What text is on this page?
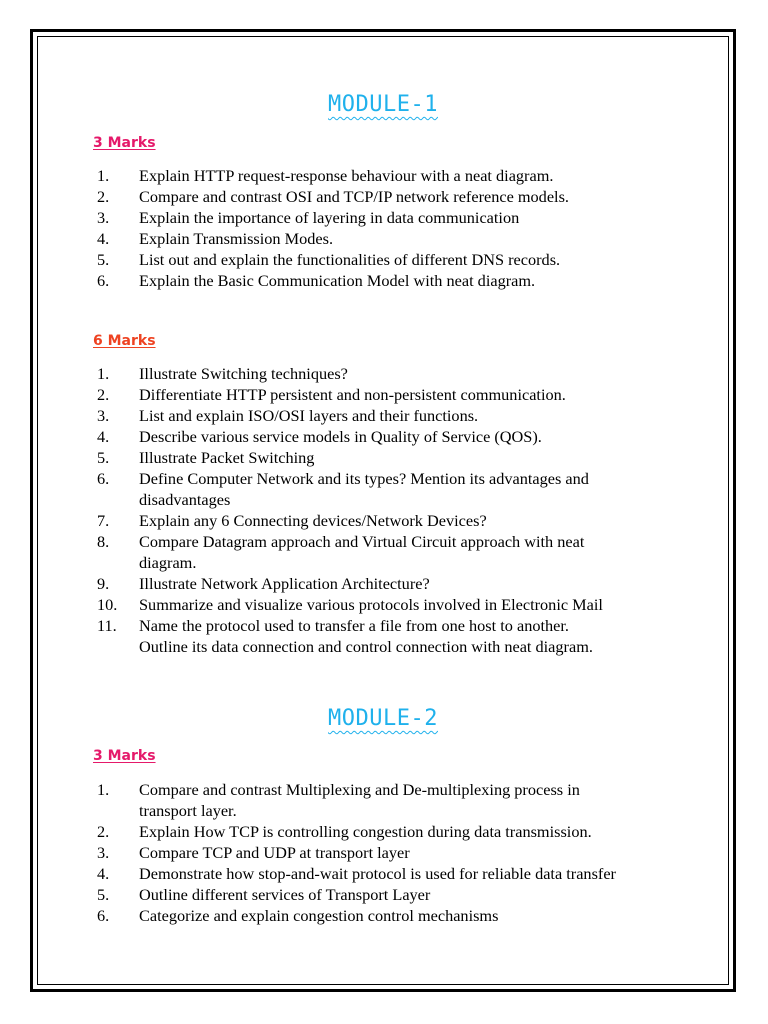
MODULE-1
3 Marks
1.	Explain HTTP request-response behaviour with a neat diagram.
2.	Compare and contrast OSI and TCP/IP network reference models.
3.	Explain the importance of layering in data communication
4.	Explain Transmission Modes.
5.	List out and explain the functionalities of different DNS records.
6.	Explain the Basic Communication Model with neat diagram.
6 Marks
1.	Illustrate Switching techniques?
2.	Differentiate HTTP persistent and non-persistent communication.
3.	List and explain ISO/OSI layers and their functions.
4.	Describe various service models in Quality of Service (QOS).
5.	Illustrate Packet Switching
6.	Define Computer Network and its types? Mention its advantages and
disadvantages
7.	Explain any 6 Connecting devices/Network Devices?
8.	Compare Datagram approach and Virtual Circuit approach with neat
diagram.
9.	Illustrate Network Application Architecture?
10.	Summarize and visualize various protocols involved in Electronic Mail
11.	Name the protocol used to transfer a file from one host to another.
Outline its data connection and control connection with neat diagram.
MODULE-2
3 Marks
1.	Compare and contrast Multiplexing and De-multiplexing process in
transport layer.
2.	Explain How TCP is controlling congestion during data transmission.
3.	Compare TCP and UDP at transport layer
4.	Demonstrate how stop-and-wait protocol is used for reliable data transfer
5.	Outline different services of Transport Layer
6.	Categorize and explain congestion control mechanisms
